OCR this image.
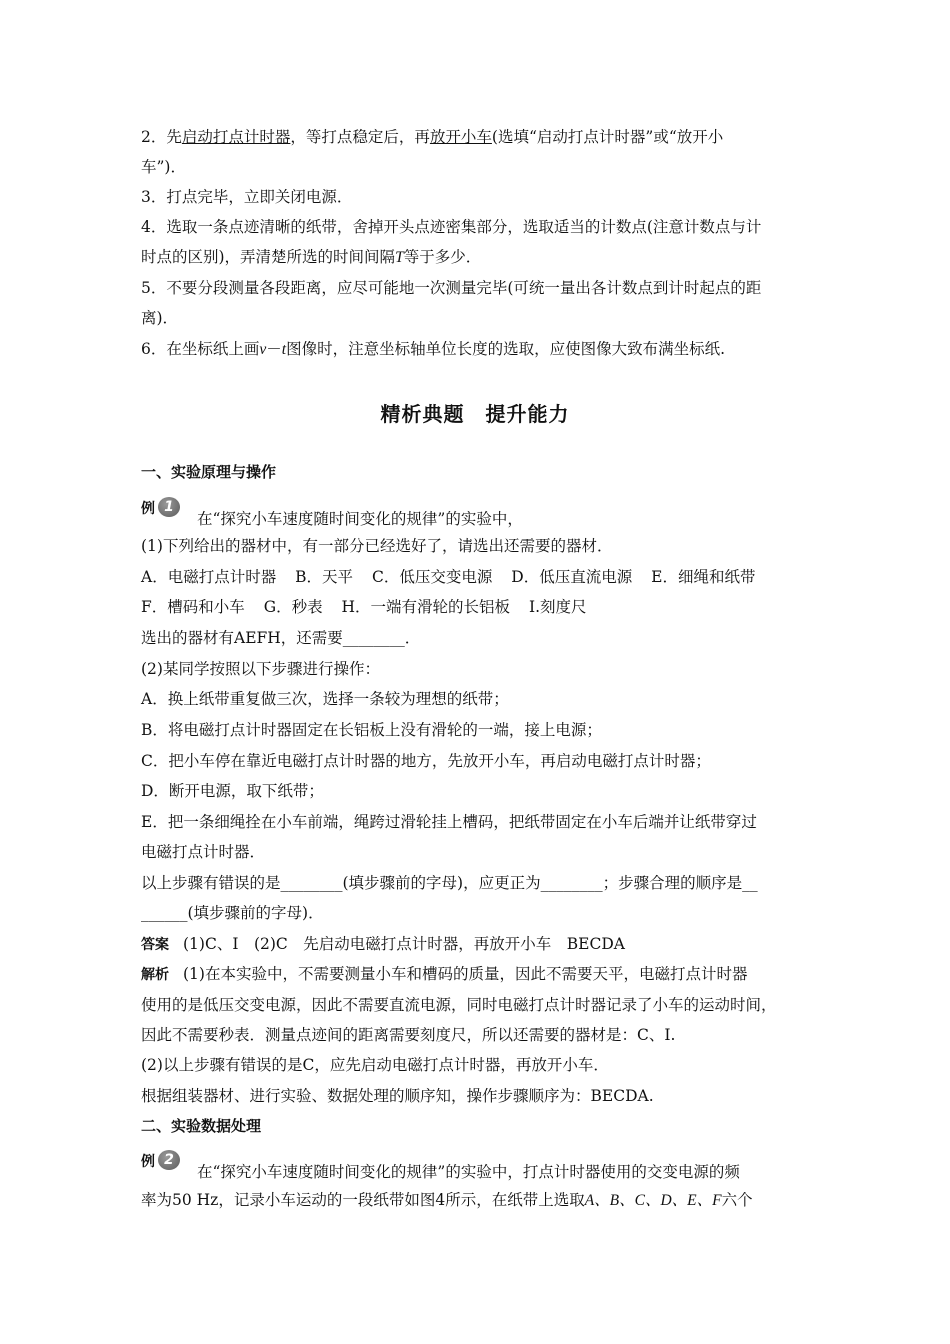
2．先启动打点计时器，等打点稳定后，再放开小车(选填“启动打点计时器”或“放开小
车”)．
3．打点完毕，立即关闭电源．
4．选取一条点迹清晰的纸带，舍掉开头点迹密集部分，选取适当的计数点(注意计数点与计
时点的区别)，弄清楚所选的时间间隔T等于多少．
5．不要分段测量各段距离，应尽可能地一次测量完毕(可统一量出各计数点到计时起点的距
离)．
6．在坐标纸上画v－t图像时，注意坐标轴单位长度的选取，应使图像大致布满坐标纸.
精析典题　提升能力
一、实验原理与操作
例 1
在“探究小车速度随时间变化的规律”的实验中，
(1)下列给出的器材中，有一部分已经选好了，请选出还需要的器材．
A．电磁打点计时器 B．天平 C．低压交变电源 D．低压直流电源 E．细绳和纸带
F．槽码和小车 G．秒表 H．一端有滑轮的长铝板 I.刻度尺
选出的器材有AEFH，还需要________．
(2)某同学按照以下步骤进行操作：
A．换上纸带重复做三次，选择一条较为理想的纸带；
B．将电磁打点计时器固定在长铝板上没有滑轮的一端，接上电源；
C．把小车停在靠近电磁打点计时器的地方，先放开小车，再启动电磁打点计时器；
D．断开电源，取下纸带；
E．把一条细绳拴在小车前端，绳跨过滑轮挂上槽码，把纸带固定在小车后端并让纸带穿过
电磁打点计时器．
以上步骤有错误的是________(填步骤前的字母)，应更正为________；步骤合理的顺序是__
______(填步骤前的字母)．
答案 (1)C、I　(2)C　先启动电磁打点计时器，再放开小车　BECDA
解析 (1)在本实验中，不需要测量小车和槽码的质量，因此不需要天平，电磁打点计时器
使用的是低压交变电源，因此不需要直流电源，同时电磁打点计时器记录了小车的运动时间，
因此不需要秒表．测量点迹间的距离需要刻度尺，所以还需要的器材是：C、I.
(2)以上步骤有错误的是C，应先启动电磁打点计时器，再放开小车．
根据组装器材、进行实验、数据处理的顺序知，操作步骤顺序为：BECDA.
二、实验数据处理
例 2
在“探究小车速度随时间变化的规律”的实验中，打点计时器使用的交变电源的频
率为50 Hz，记录小车运动的一段纸带如图4所示，在纸带上选取A、B、C、D、E、F六个
